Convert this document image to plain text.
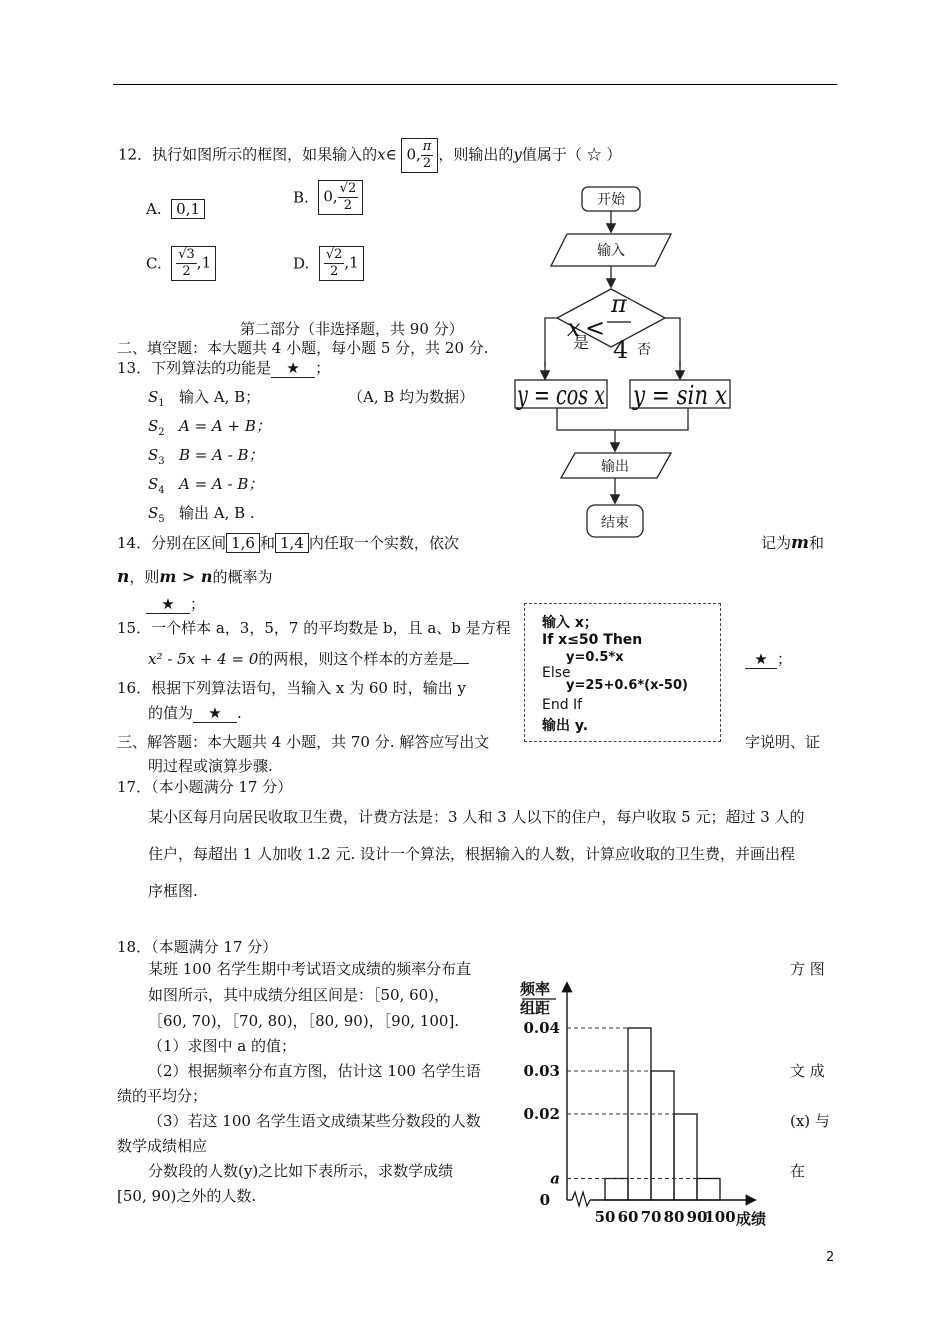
12．执行如图所示的框图，如果输入的x∈ 0, $\frac{\pi}{2}$ ，则输出的y值属于（ ☆ ）
A. 0,1
B. 0, $\frac{√2}{2}$
C. $\frac{√3}{2} ,1$	D. $\frac{√2}{2} ,1$
开始
输入
是	否
输出
结束
x <
π
4
y = cos x y = sin x
第二部分（非选择题，共 90 分）
二、填空题：本大题共 4 小题，每小题 5 分，共 20 分.
13．下列算法的功能是 ★ ；
（A, B 均为数据）
$S_1$ 输入 A, B；
$S_2$ A = A + B；
$S_3$ B = A - B；
$S_4$ A = A - B；
$S_5$ 输出 A, B .
14．分别在区间 1,6 和 1,4 内任取一个实数，依次	记为m和
n，则m > n的概率为
★ ；
15．一个样本 a，3，5，7 的平均数是 b，且 a、b 是方程
x² - 5x + 4 = 0的两根，则这个样本的方差是	★ ；
16．根据下列算法语句，当输入 x 为 60 时，输出 y
的值为 ★ .
输入 x；
If x≤50 Then
y=0.5*x
Else
y=25+0.6*(x-50)
End If
输出 y.
三、解答题：本大题共 4 小题，共 70 分. 解答应写出文	字说明、证
明过程或演算步骤.
17．（本小题满分 17 分）
某小区每月向居民收取卫生费，计费方法是：3 人和 3 人以下的住户，每户收取 5 元；超过 3 人的
住户，每超出 1 人加收 1.2 元. 设计一个算法，根据输入的人数，计算应收取的卫生费，并画出程
序框图.
18．（本题满分 17 分）
某班 100 名学生期中考试语文成绩的频率分布直	方 图
如图所示，其中成绩分组区间是：［50, 60)，
［60, 70)，［70, 80)，［80, 90)，［90, 100].
（1）求图中 a 的值；
（2）根据频率分布直方图，估计这 100 名学生语	文 成
绩的平均分；
（3）若这 100 名学生语文成绩某些分数段的人数	(x) 与
数学成绩相应
分数段的人数(y)之比如下表所示，求数学成绩	在
[50, 90)之外的人数.
频率
组距
成绩
0.04
0.03
0.02
a
0
50 60 70 80 90
100
2
